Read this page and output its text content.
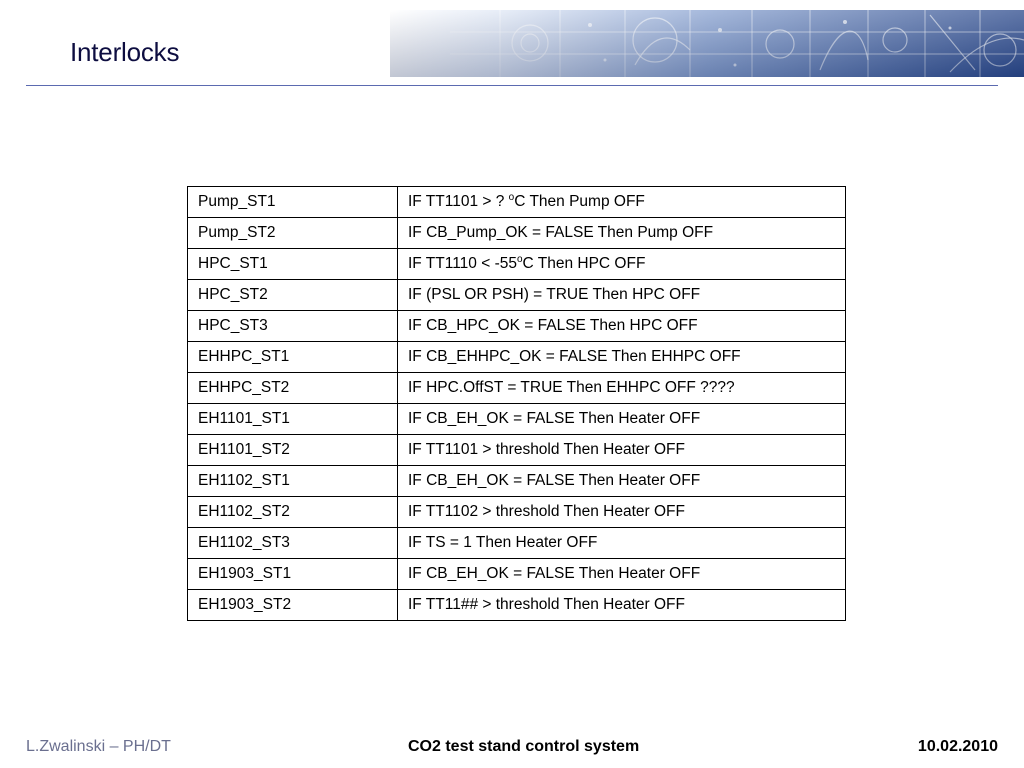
Interlocks
Pump_ST1	IF TT1101 > ? $^o$C Then Pump OFF
Pump_ST2	IF CB_Pump_OK = FALSE Then Pump OFF
HPC_ST1	IF $TT1110 < -55^oC$ Then HPC OFF
HPC_ST2	IF (PSL OR PSH) = TRUE Then HPC OFF
HPC_ST3	IF CB_HPC_OK = FALSE Then HPC OFF
EHHPC_ST1	IF CB_EHHPC_OK = FALSE Then EHHPC OFF
EHHPC_ST2	IF HPC.OffST = TRUE Then EHHPC OFF ????
EH1101_ST1	IF CB_EH_OK = FALSE Then Heater OFF
EH1101_ST2	IF TT1101 > threshold Then Heater OFF
EH1102_ST1	IF CB_EH_OK = FALSE Then Heater OFF
EH1102_ST2	IF TT1102 > threshold Then Heater OFF
EH1102_ST3	IF TS = 1 Then Heater OFF
EH1903_ST1	IF CB_EH_OK = FALSE Then Heater OFF
EH1903_ST2	IF TT11## > threshold Then Heater OFF
L.Zwalinski – PH/DT	CO2 test stand control system	10.02.2010
